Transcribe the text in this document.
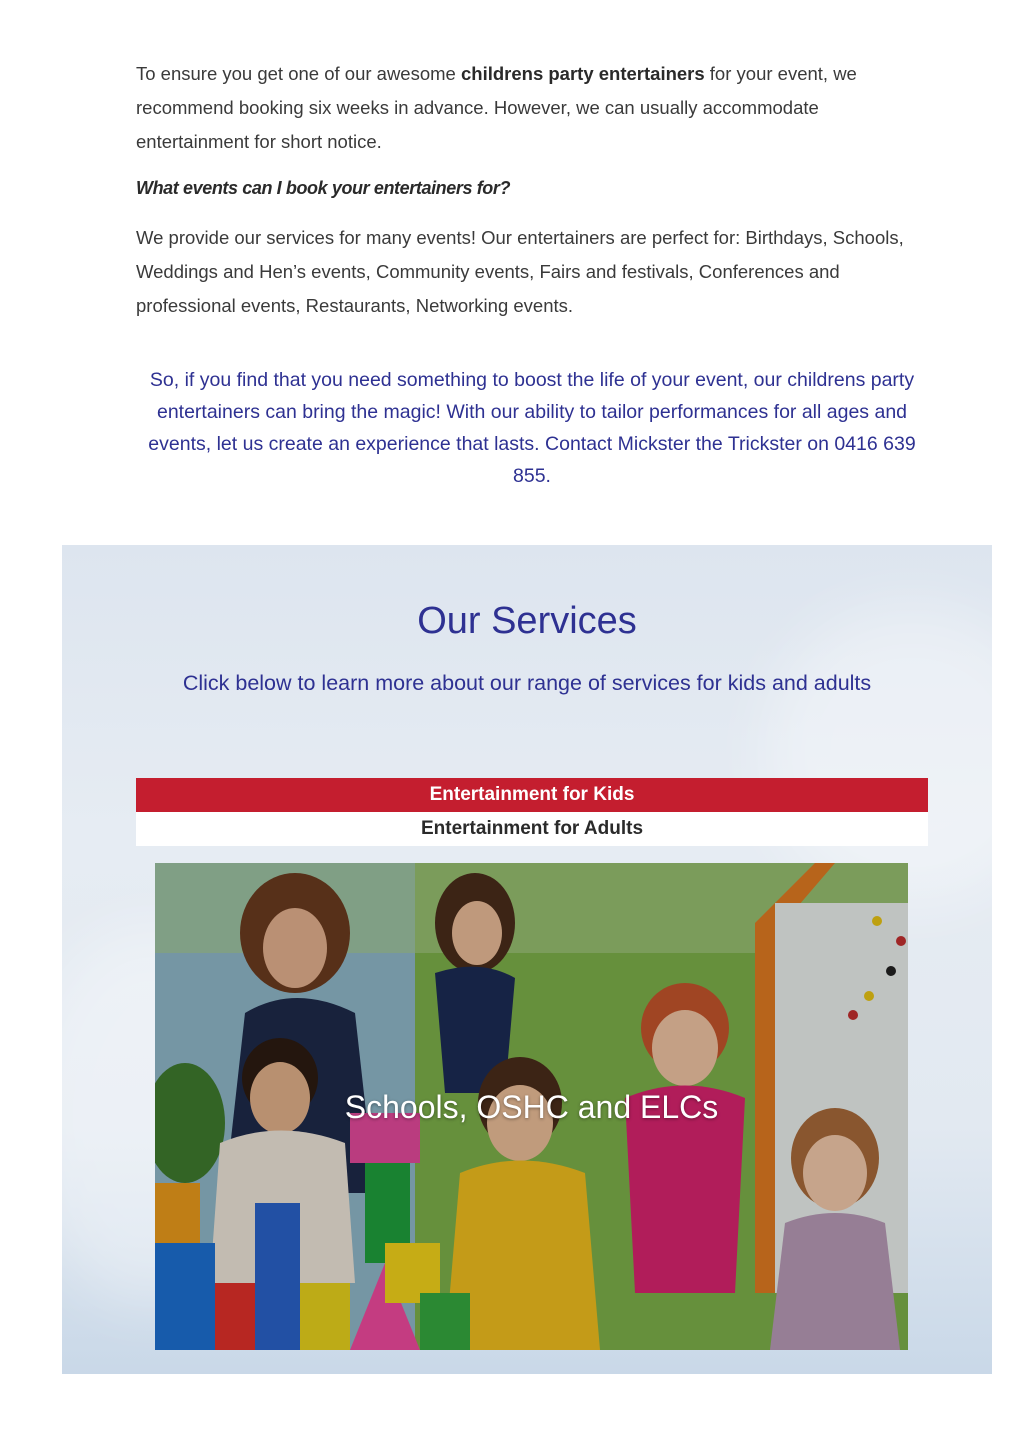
To ensure you get one of our awesome childrens party entertainers for your event, we recommend booking six weeks in advance. However, we can usually accommodate entertainment for short notice.
What events can I book your entertainers for?
We provide our services for many events! Our entertainers are perfect for: Birthdays, Schools, Weddings and Hen’s events, Community events, Fairs and festivals, Conferences and professional events, Restaurants, Networking events.
So, if you find that you need something to boost the life of your event, our childrens party entertainers can bring the magic! With our ability to tailor performances for all ages and events, let us create an experience that lasts. Contact Mickster the Trickster on 0416 639 855.
Our Services

Click below to learn more about our range of services for kids and adults

Entertainment for Kids
Entertainment for Adults
Schools, OSHC and ELCs
